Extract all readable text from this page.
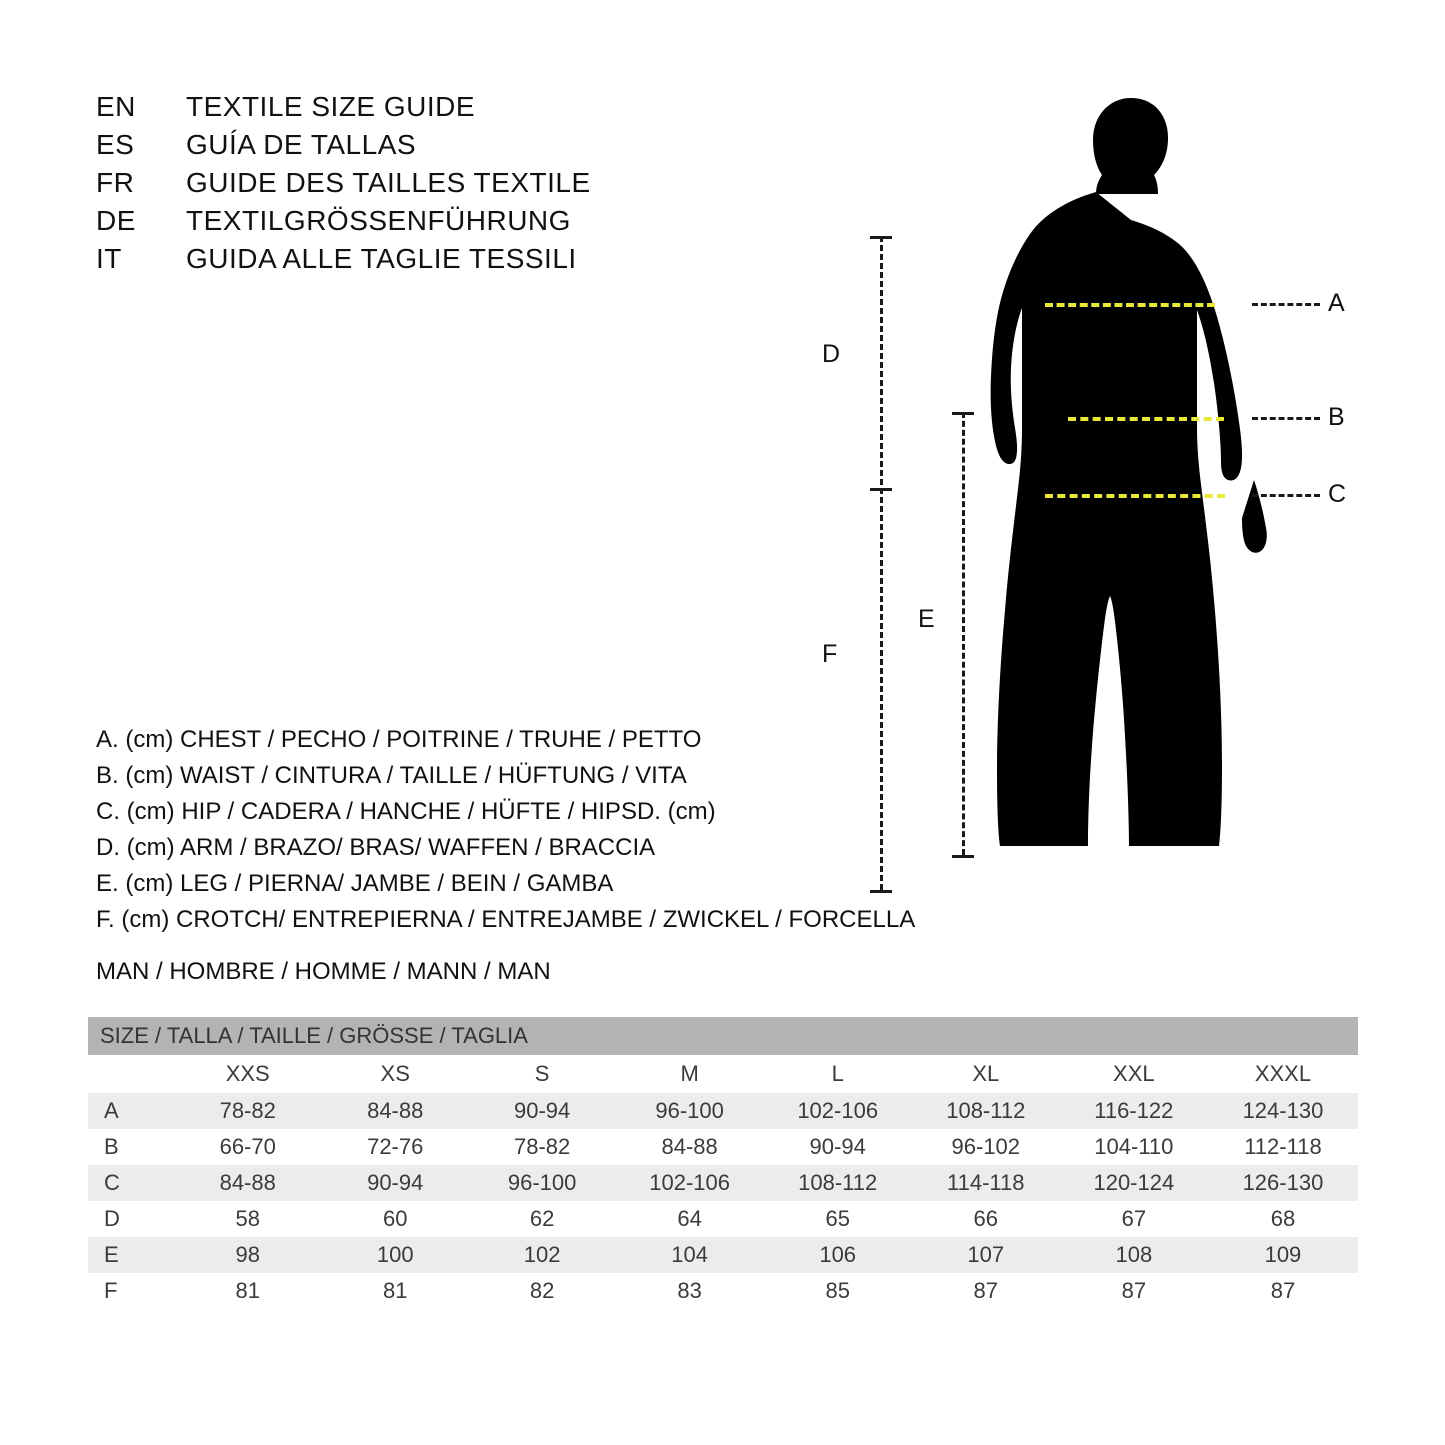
EN	TEXTILE SIZE GUIDE
ES	GUÍA DE TALLAS
FR	GUIDE DES TAILLES TEXTILE
DE	TEXTILGRÖSSENFÜHRUNG
IT	GUIDA ALLE TAGLIE TESSILI
A
B
C
F
D
E
A. (cm) CHEST / PECHO / POITRINE / TRUHE / PETTO
B. (cm) WAIST / CINTURA / TAILLE / HÜFTUNG / VITA
C. (cm) HIP / CADERA / HANCHE / HÜFTE / HIPSD. (cm)
D. (cm) ARM / BRAZO/ BRAS/ WAFFEN / BRACCIA
E. (cm) LEG / PIERNA/ JAMBE / BEIN / GAMBA
F. (cm) CROTCH/ ENTREPIERNA / ENTREJAMBE / ZWICKEL / FORCELLA
MAN / HOMBRE / HOMME / MANN / MAN
SIZE / TALLA / TAILLE / GRÖSSE / TAGLIA								
	XXS	XS	S	M	L	XL	XXL	XXXL
A	78-82	84-88	90-94	96-100	102-106	108-112	116-122	124-130
B	66-70	72-76	78-82	84-88	90-94	96-102	104-110	112-118
C	84-88	90-94	96-100	102-106	108-112	114-118	120-124	126-130
D	58	60	62	64	65	66	67	68
E	98	100	102	104	106	107	108	109
F	81	81	82	83	85	87	87	87
